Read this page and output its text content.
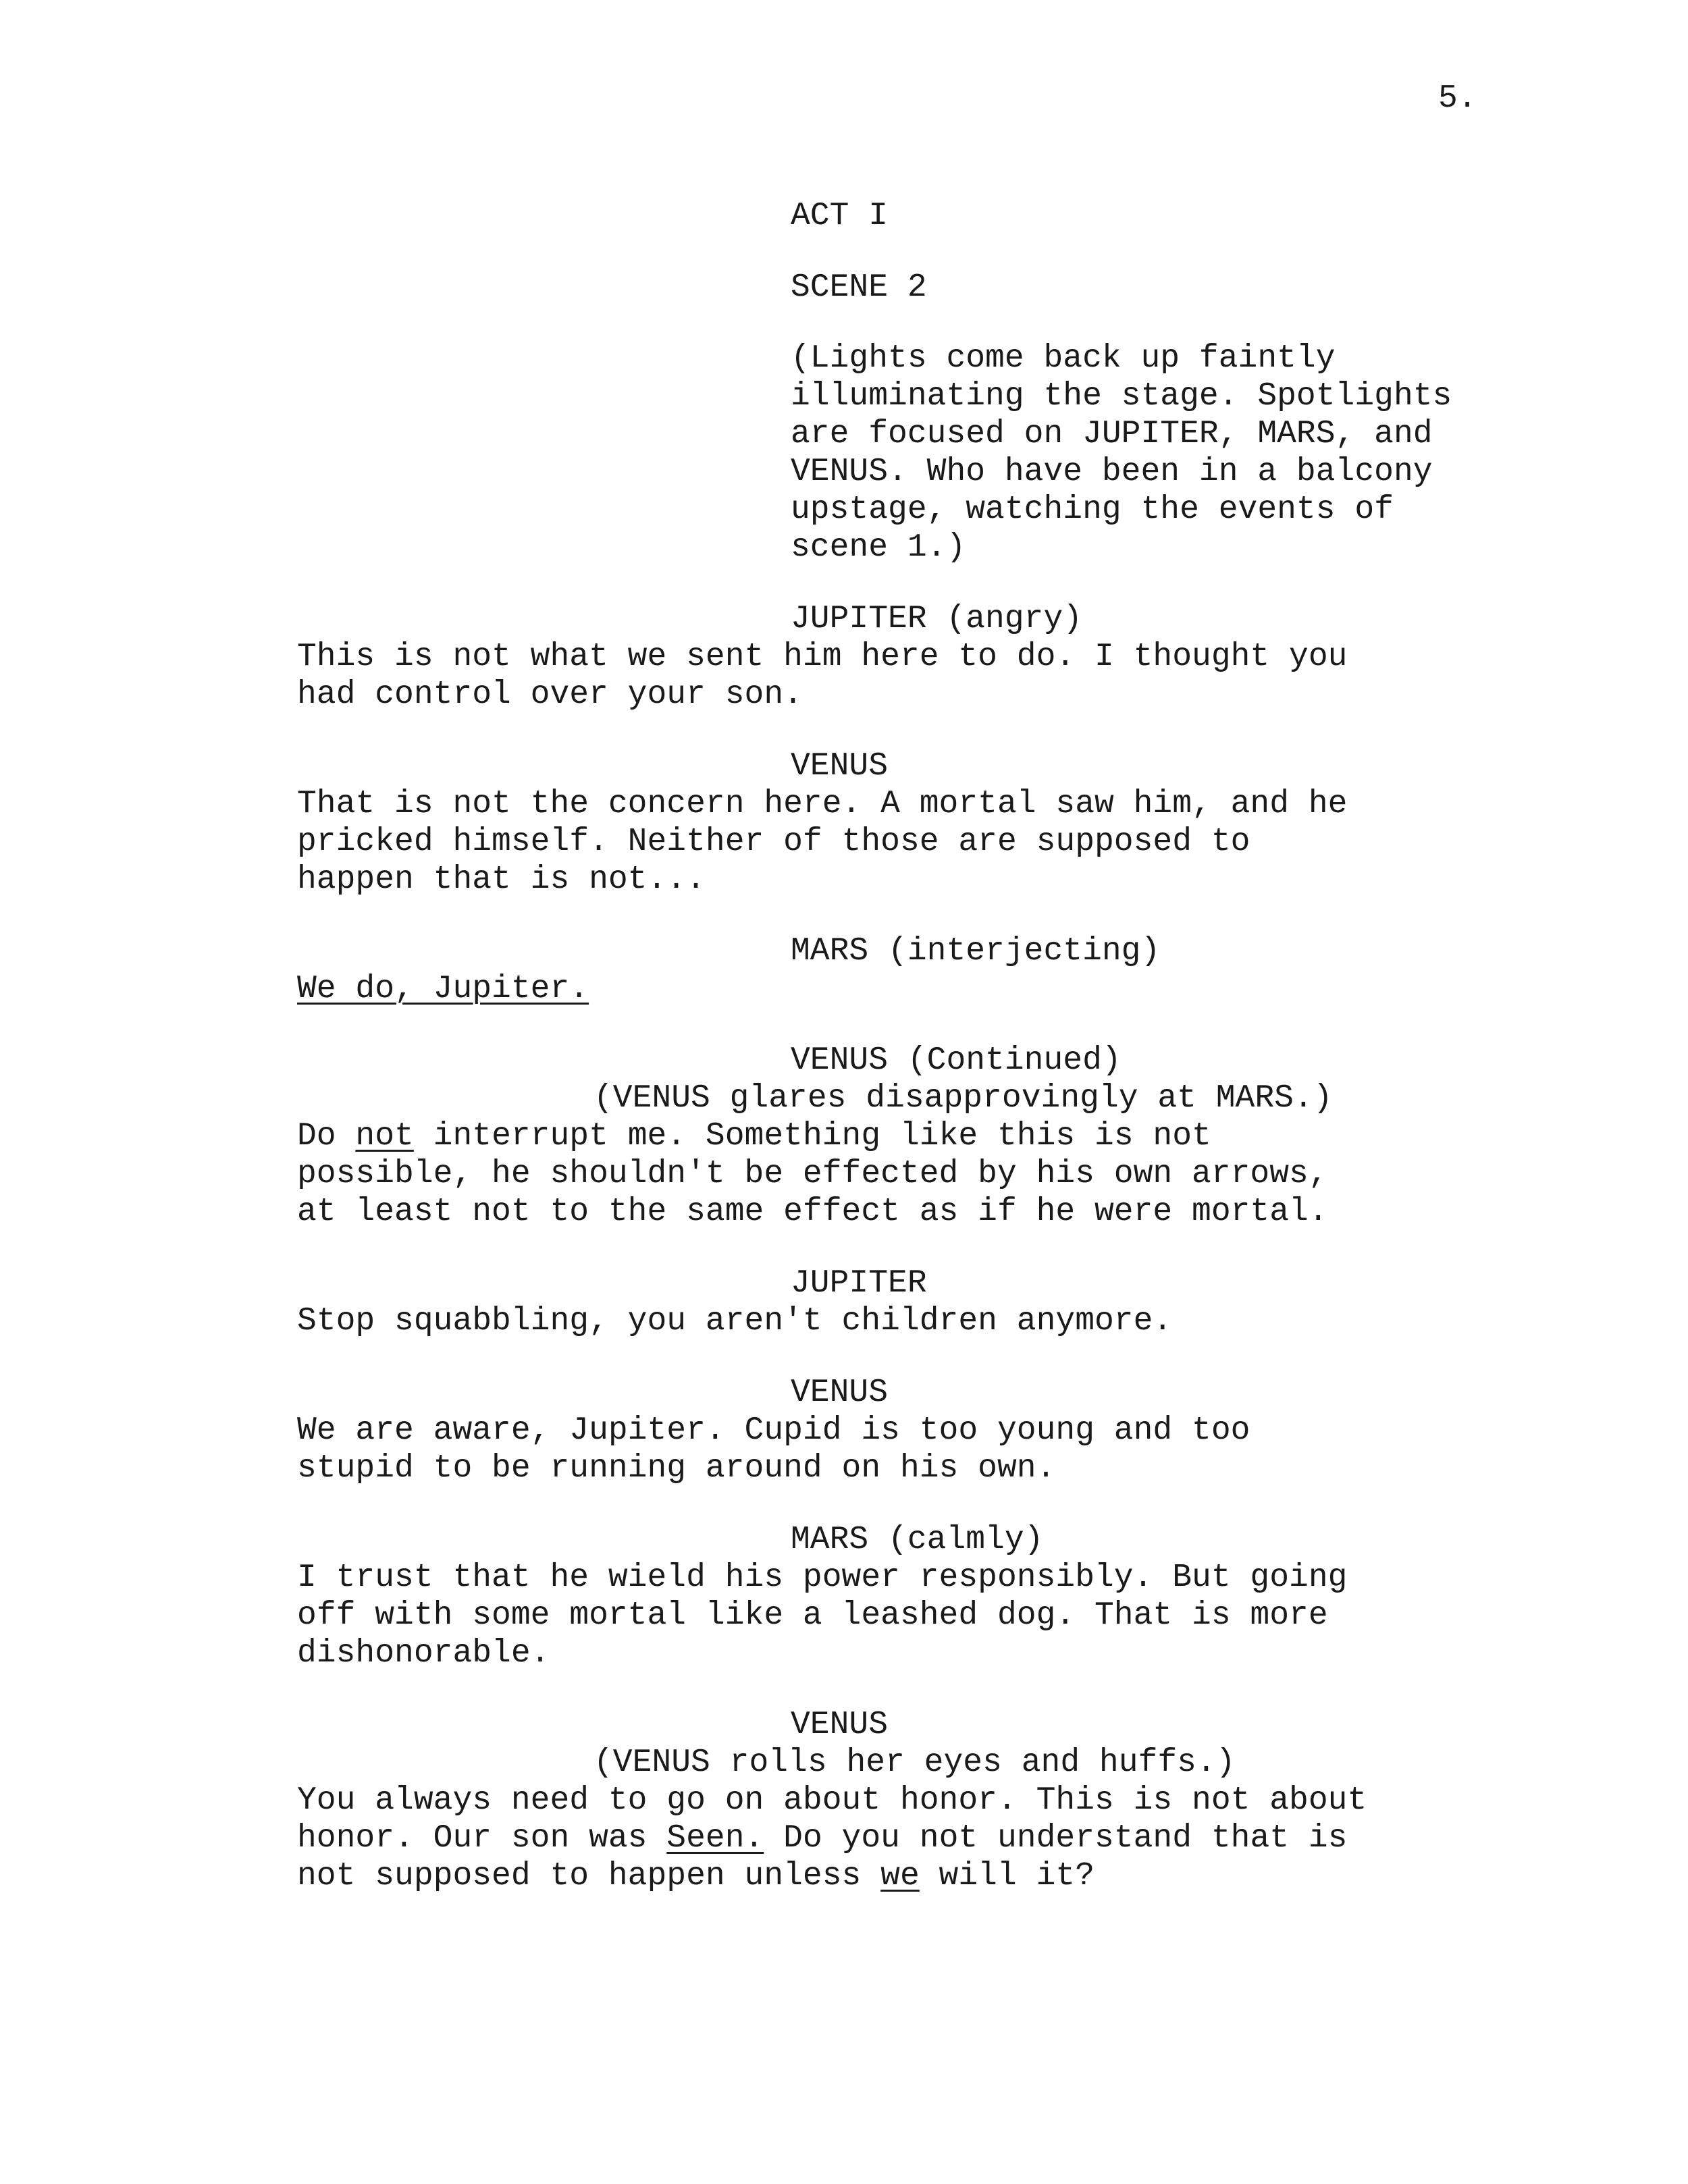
5.
ACT I
SCENE 2
(Lights come back up faintly
illuminating the stage. Spotlights
are focused on JUPITER, MARS, and
VENUS. Who have been in a balcony
upstage, watching the events of
scene 1.)
JUPITER (angry)
This is not what we sent him here to do. I thought you
had control over your son.
VENUS
That is not the concern here. A mortal saw him, and he
pricked himself. Neither of those are supposed to
happen that is not...
MARS (interjecting)
We do, Jupiter.
VENUS (Continued)
(VENUS glares disapprovingly at MARS.)
Do not interrupt me. Something like this is not
possible, he shouldn't be effected by his own arrows,
at least not to the same effect as if he were mortal.
JUPITER
Stop squabbling, you aren't children anymore.
VENUS
We are aware, Jupiter. Cupid is too young and too
stupid to be running around on his own.
MARS (calmly)
I trust that he wield his power responsibly. But going
off with some mortal like a leashed dog. That is more
dishonorable.
VENUS
(VENUS rolls her eyes and huffs.)
You always need to go on about honor. This is not about
honor. Our son was Seen. Do you not understand that is
not supposed to happen unless we will it?
